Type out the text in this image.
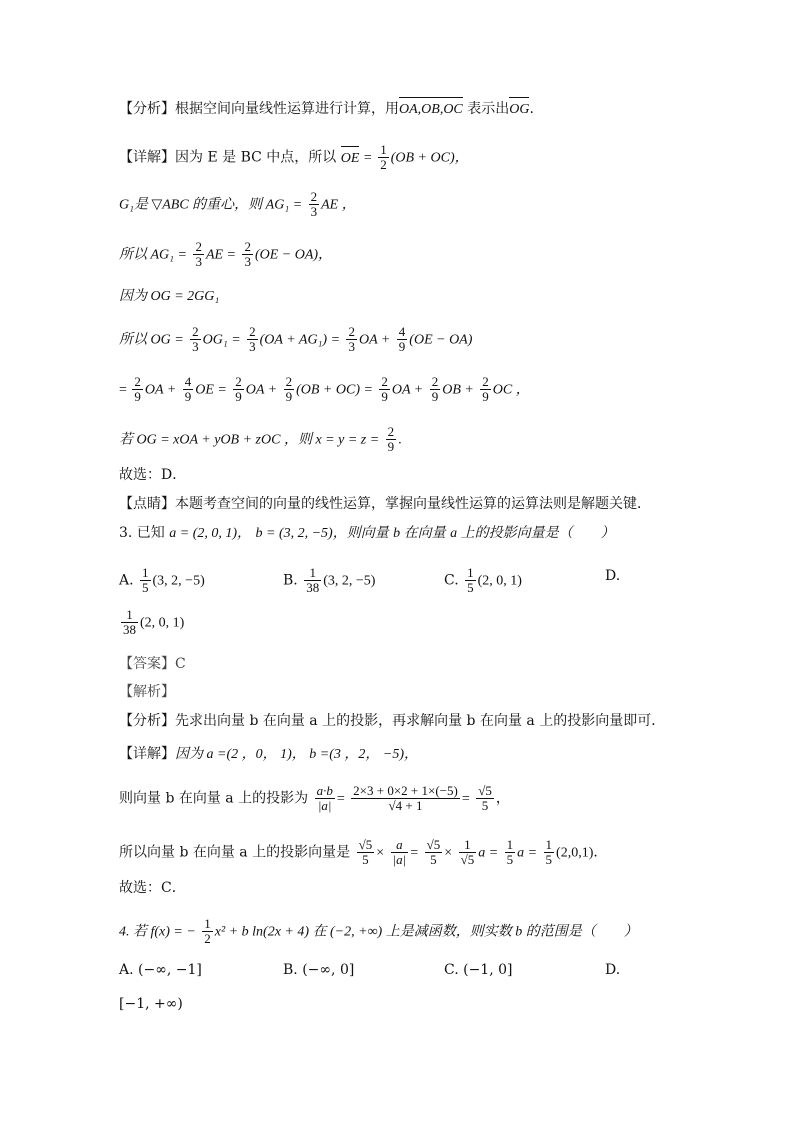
【分析】根据空间向量线性运算进行计算，用OA,OB,OC 表示出OG.
【详解】因为 E 是 BC 中点，所以 OE = $\frac{1}{2} (OB + OC)$，
G₁是 ▽ABC 的重心，则 $AG_1 = \frac{2}{3}$ AE ，
所以 $AG_1 = \frac{2}{3}$ AE = $\frac{2}{3} (OE - OA)$，
因为 OG = 2GG₁
所以 OG = $\frac{2}{3} OG_1 = \frac{2}{3} (OA + AG_1) = \frac{2}{3}$ OA + $\frac{4}{9} (OE - OA)$
= $\frac{2}{9}$ OA + $\frac{4}{9}$ OE = $\frac{2}{9}$ OA + $\frac{2}{9} (OB + OC) = \frac{2}{9}$ OA + $\frac{2}{9}$ OB + $\frac{2}{9}$ OC ，
若 OG = xOA + yOB + zOC ，则 $x = y = z = \frac{2}{9}$ .
故选：D．
【点睛】本题考查空间的向量的线性运算，掌握向量线性运算的运算法则是解题关键．
3. 已知 a = (2, 0, 1)， b = (3, 2, −5)，则向量 b 在向量 a 上的投影向量是（　　）
A. $\frac{1}{5} (3$, 2, −5)	B. $\frac{1}{38} (3$, 2, −5)	C. $\frac{1}{5} (2$, 0, 1)	D.
$\frac{1}{38} (2$, 0, 1)
【答案】C
【解析】
【分析】先求出向量 b 在向量 a 上的投影，再求解向量 b 在向量 a 上的投影向量即可．
【详解】因为 a =(2 ，0， 1)， b =(3 ，2， −5)，
则向量 b 在向量 a 上的投影为 $\frac{a\cdot b}{|a|} = \frac{2\times 3 + 0\times 2 + 1\times(-5)}{√4 + 1} = \frac{√5}{5}$ ，
所以向量 b 在向量 a 上的投影向量是 $\frac{√5}{5} \times \frac{a}{|a|} = \frac{√5}{5} \times \frac{1}{√5}$ $a = \frac{1}{5}$ $a = \frac{1}{5} (2,0,1)$．
故选：C．
4. 若 f(x) = − $\frac{1}{2} x^2 + b$ ln(2x + 4) 在 (−2, +∞) 上是减函数，则实数 b 的范围是（　　）
A. (−∞, −1]	B. (−∞, 0]	C. (−1, 0]	D.
[−1, +∞)
